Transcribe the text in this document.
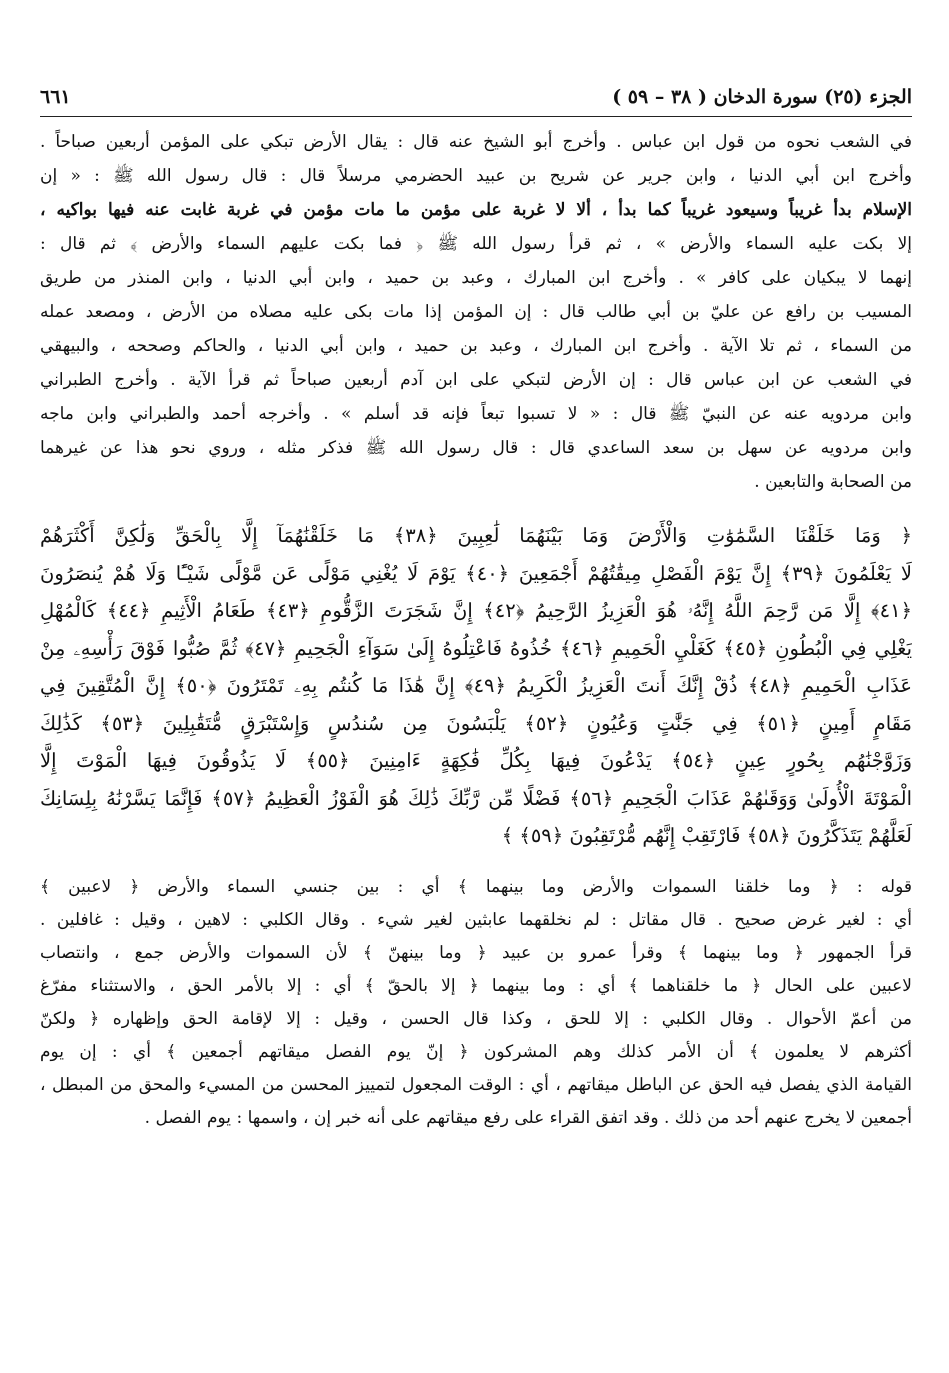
الجزء (٢٥) سورة الدخان ( ٣٨ – ٥٩ )
٦٦١
في الشعب نحوه من قول ابن عباس . وأخرج أبو الشيخ عنه قال : يقال الأرض تبكي على المؤمن أربعين صباحاً .
وأخرج ابن أبي الدنيا ، وابن جرير عن شريح بن عبيد الحضرمي مرسلاً قال : قال رسول الله ﷺ : « إن
الإسلام بدأ غريباً وسيعود غريباً كما بدأ ، ألا لا غربة على مؤمن ما مات مؤمن في غربة غابت عنه فيها بواكيه ،
إلا بكت عليه السماء والأرض » ، ثم قرأ رسول الله ﷺ ﴿ فما بكت عليهم السماء والأرض ﴾ ثم قال :
إنهما لا يبكيان على كافر » . وأخرج ابن المبارك ، وعبد بن حميد ، وابن أبي الدنيا ، وابن المنذر من طريق
المسيب بن رافع عن عليّ بن أبي طالب قال : إن المؤمن إذا مات بكى عليه مصلاه من الأرض ، ومصعد عمله
من السماء ، ثم تلا الآية . وأخرج ابن المبارك ، وعبد بن حميد ، وابن أبي الدنيا ، والحاكم وصححه ، والبيهقي
في الشعب عن ابن عباس قال : إن الأرض لتبكي على ابن آدم أربعين صباحاً ثم قرأ الآية . وأخرج الطبراني
وابن مردويه عنه عن النبيّ ﷺ قال : « لا تسبوا تبعاً فإنه قد أسلم » . وأخرجه أحمد والطبراني وابن ماجه
وابن مردويه عن سهل بن سعد الساعدي قال : قال رسول الله ﷺ فذكر مثله ، وروي نحو هذا عن غيرهما
من الصحابة والتابعين .
﴿ وَمَا خَلَقْنَا السَّمَٰوَٰتِ وَالْأَرْضَ وَمَا بَيْنَهُمَا لَٰعِبِينَ ﴿٣٨﴾ مَا خَلَقْنَٰهُمَآ إِلَّا بِالْحَقِّ وَلَٰكِنَّ أَكْثَرَهُمْ
لَا يَعْلَمُونَ ﴿٣٩﴾ إِنَّ يَوْمَ الْفَصْلِ مِيقَٰتُهُمْ أَجْمَعِينَ ﴿٤٠﴾ يَوْمَ لَا يُغْنِي مَوْلًى عَن مَّوْلًى شَيْـًٔا وَلَا هُمْ يُنصَرُونَ
﴿٤١﴾ إِلَّا مَن رَّحِمَ اللَّهُ إِنَّهُۥ هُوَ الْعَزِيزُ الرَّحِيمُ ﴿٤٢﴾ إِنَّ شَجَرَتَ الزَّقُّومِ ﴿٤٣﴾ طَعَامُ الْأَثِيمِ ﴿٤٤﴾ كَالْمُهْلِ
يَغْلِي فِي الْبُطُونِ ﴿٤٥﴾ كَغَلْيِ الْحَمِيمِ ﴿٤٦﴾ خُذُوهُ فَاعْتِلُوهُ إِلَىٰ سَوَآءِ الْجَحِيمِ ﴿٤٧﴾ ثُمَّ صُبُّوا فَوْقَ رَأْسِهِۦ مِنْ
عَذَابِ الْحَمِيمِ ﴿٤٨﴾ ذُقْ إِنَّكَ أَنتَ الْعَزِيزُ الْكَرِيمُ ﴿٤٩﴾ إِنَّ هَٰذَا مَا كُنتُم بِهِۦ تَمْتَرُونَ ﴿٥٠﴾ إِنَّ الْمُتَّقِينَ فِي
مَقَامٍ أَمِينٍ ﴿٥١﴾ فِي جَنَّٰتٍ وَعُيُونٍ ﴿٥٢﴾ يَلْبَسُونَ مِن سُندُسٍ وَإِسْتَبْرَقٍ مُّتَقَٰبِلِينَ ﴿٥٣﴾ كَذَٰلِكَ
وَزَوَّجْنَٰهُم بِحُورٍ عِينٍ ﴿٥٤﴾ يَدْعُونَ فِيهَا بِكُلِّ فَٰكِهَةٍ ءَامِنِينَ ﴿٥٥﴾ لَا يَذُوقُونَ فِيهَا الْمَوْتَ إِلَّا
الْمَوْتَةَ الْأُولَىٰ وَوَقَىٰهُمْ عَذَابَ الْجَحِيمِ ﴿٥٦﴾ فَضْلًا مِّن رَّبِّكَ ذَٰلِكَ هُوَ الْفَوْزُ الْعَظِيمُ ﴿٥٧﴾ فَإِنَّمَا يَسَّرْنَٰهُ بِلِسَانِكَ
لَعَلَّهُمْ يَتَذَكَّرُونَ ﴿٥٨﴾ فَارْتَقِبْ إِنَّهُم مُّرْتَقِبُونَ ﴿٥٩﴾ ﴾
قوله : ﴿ وما خلقنا السموات والأرض وما بينهما ﴾ أي : بين جنسي السماء والأرض ﴿ لاعبين ﴾
أي : لغير غرض صحيح . قال مقاتل : لم نخلقهما عابثين لغير شيء . وقال الكلبي : لاهين ، وقيل : غافلين .
قرأ الجمهور ﴿ وما بينهما ﴾ وقرأ عمرو بن عبيد ﴿ وما بينهنّ ﴾ لأن السموات والأرض جمع ، وانتصاب
لاعبين على الحال ﴿ ما خلقناهما ﴾ أي : وما بينهما ﴿ إلا بالحقّ ﴾ أي : إلا بالأمر الحق ، والاستثناء مفرّغ
من أعمّ الأحوال . وقال الكلبي : إلا للحق ، وكذا قال الحسن ، وقيل : إلا لإقامة الحق وإظهاره ﴿ ولكنّ
أكثرهم لا يعلمون ﴾ أن الأمر كذلك وهم المشركون ﴿ إنّ يوم الفصل ميقاتهم أجمعين ﴾ أي : إن يوم
القيامة الذي يفصل فيه الحق عن الباطل ميقاتهم ، أي : الوقت المجعول لتمييز المحسن من المسيء والمحق من المبطل ،
أجمعين لا يخرج عنهم أحد من ذلك . وقد اتفق القراء على رفع ميقاتهم على أنه خبر إن ، واسمها : يوم الفصل .
